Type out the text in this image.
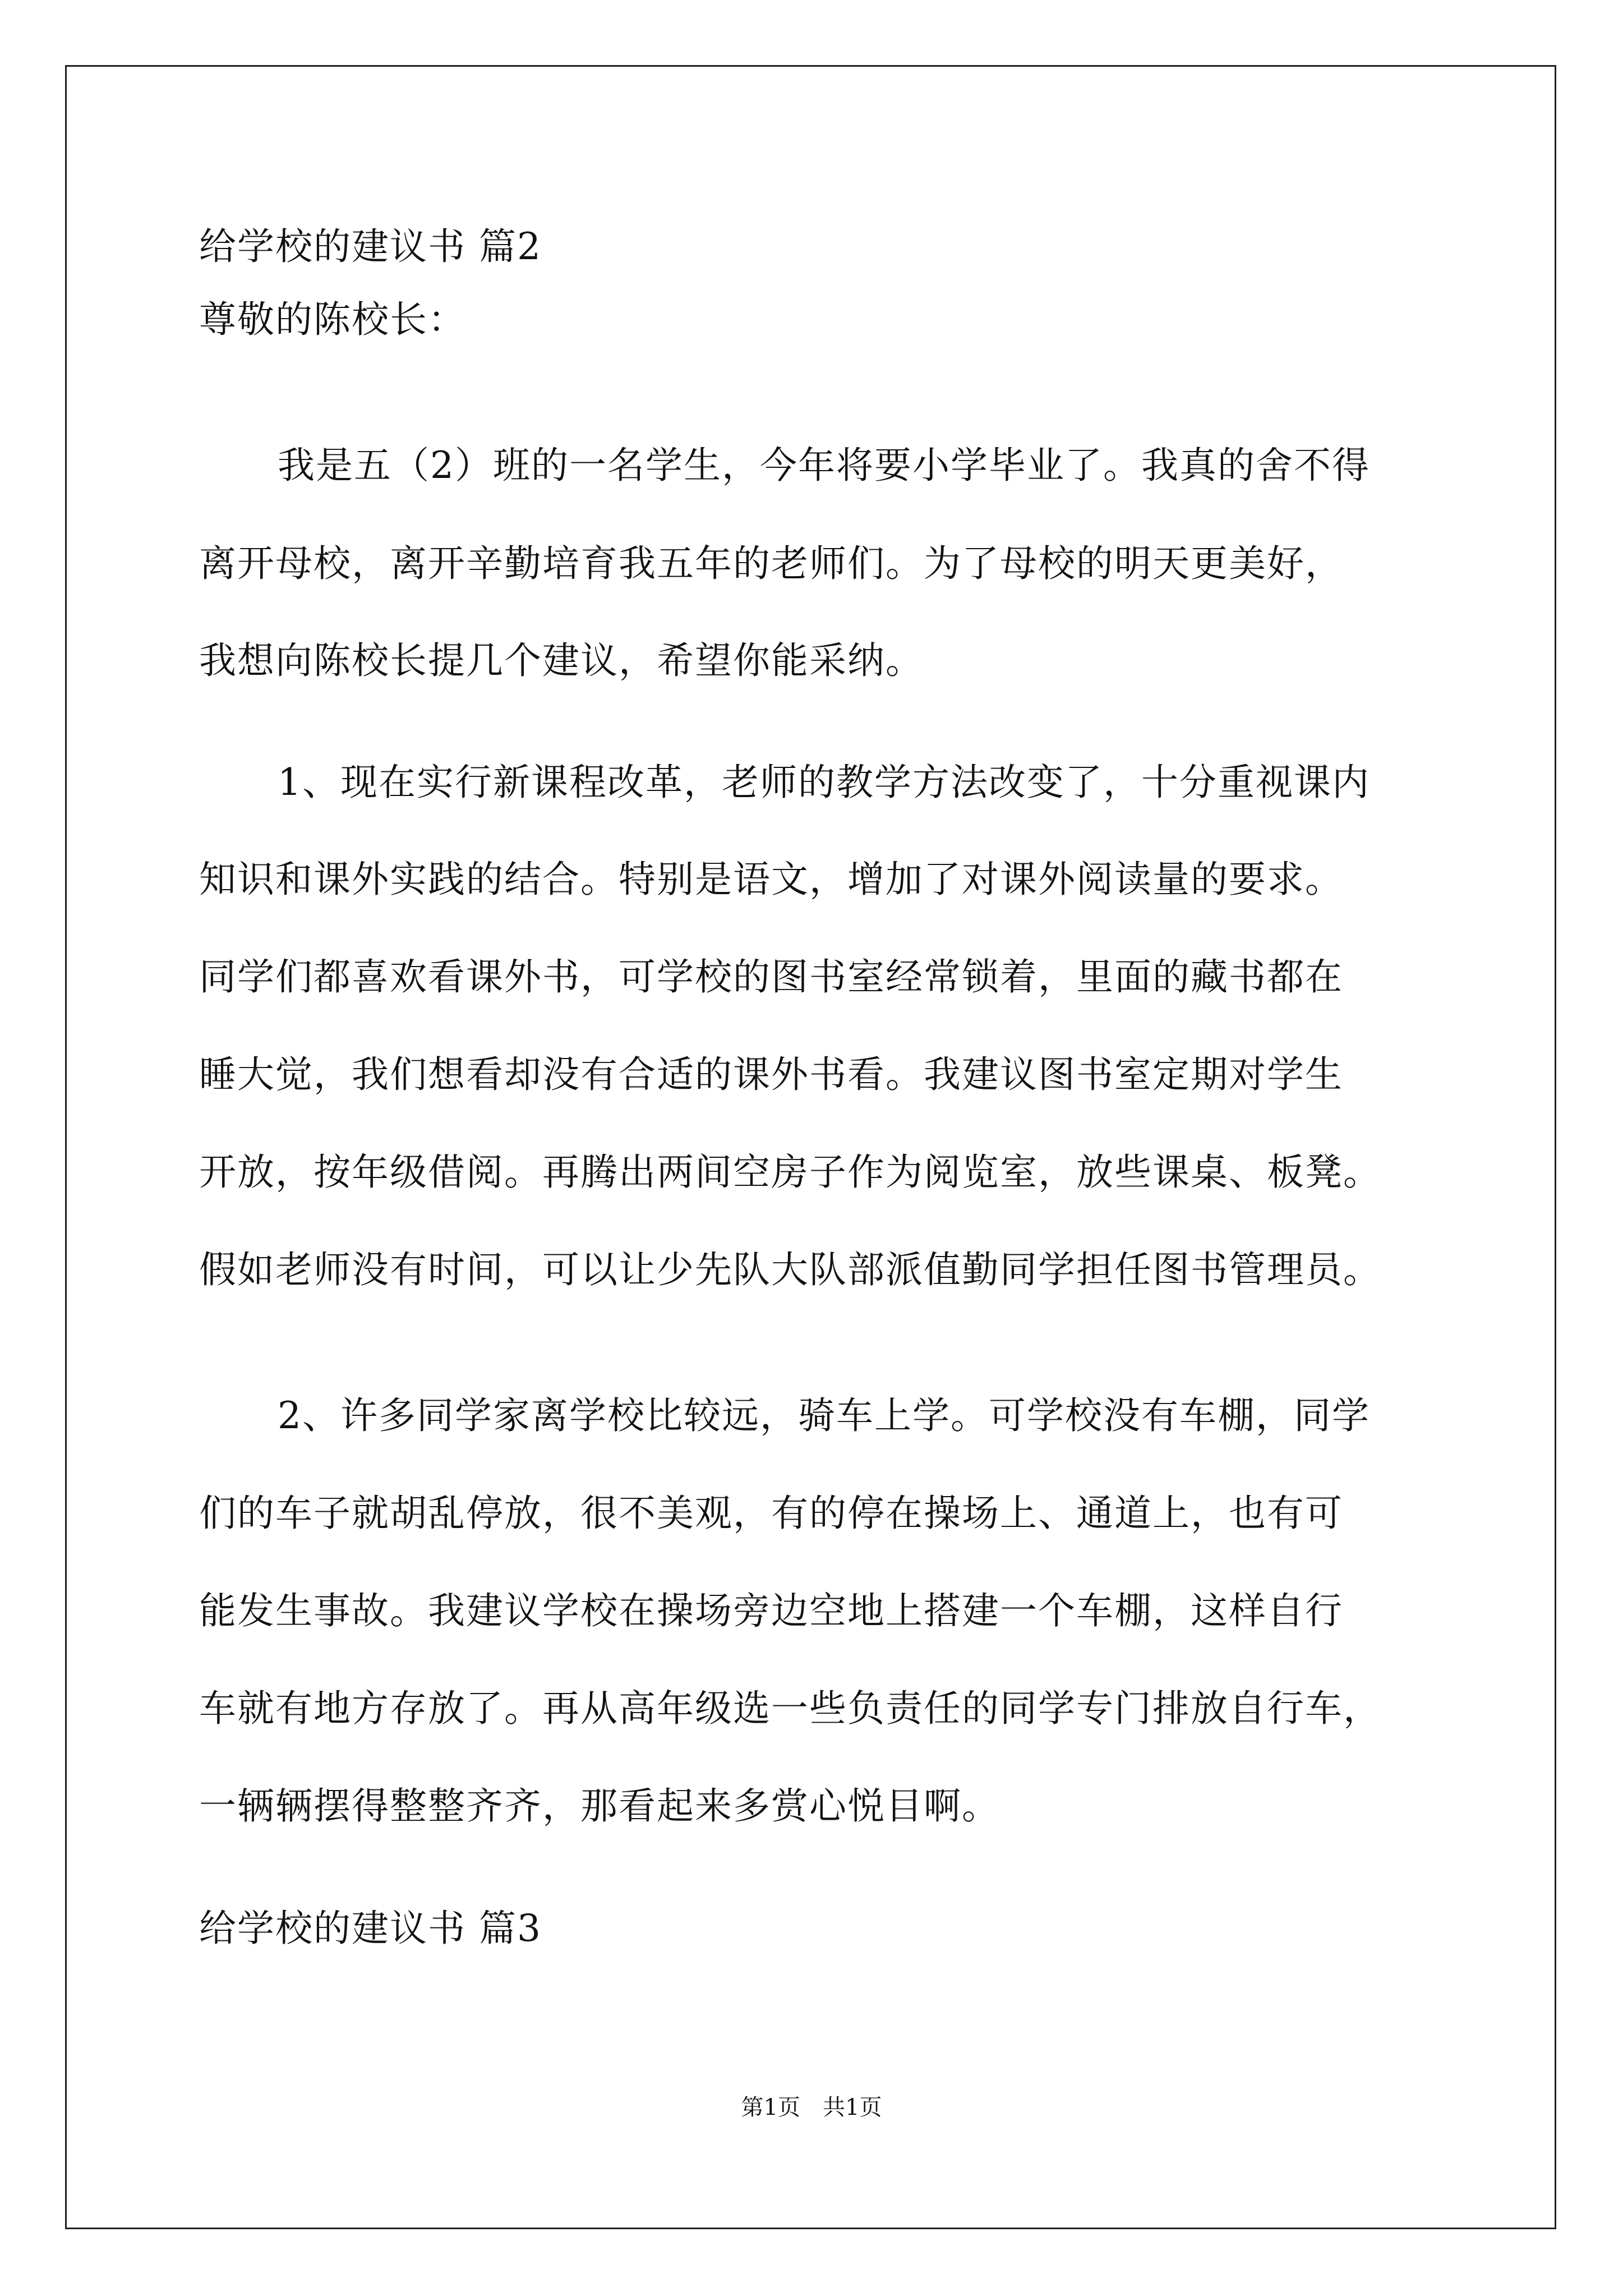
给学校的建议书 篇2
尊敬的陈校长：
我是五（2）班的一名学生，今年将要小学毕业了。我真的舍不得
离开母校，离开辛勤培育我五年的老师们。为了母校的明天更美好，
我想向陈校长提几个建议，希望你能采纳。
1、现在实行新课程改革，老师的教学方法改变了，十分重视课内
知识和课外实践的结合。特别是语文，增加了对课外阅读量的要求。
同学们都喜欢看课外书，可学校的图书室经常锁着，里面的藏书都在
睡大觉，我们想看却没有合适的课外书看。我建议图书室定期对学生
开放，按年级借阅。再腾出两间空房子作为阅览室，放些课桌、板凳。
假如老师没有时间，可以让少先队大队部派值勤同学担任图书管理员。
2、许多同学家离学校比较远，骑车上学。可学校没有车棚，同学
们的车子就胡乱停放，很不美观，有的停在操场上、通道上，也有可
能发生事故。我建议学校在操场旁边空地上搭建一个车棚，这样自行
车就有地方存放了。再从高年级选一些负责任的同学专门排放自行车，
一辆辆摆得整整齐齐，那看起来多赏心悦目啊。
给学校的建议书 篇3
第1页　共1页
